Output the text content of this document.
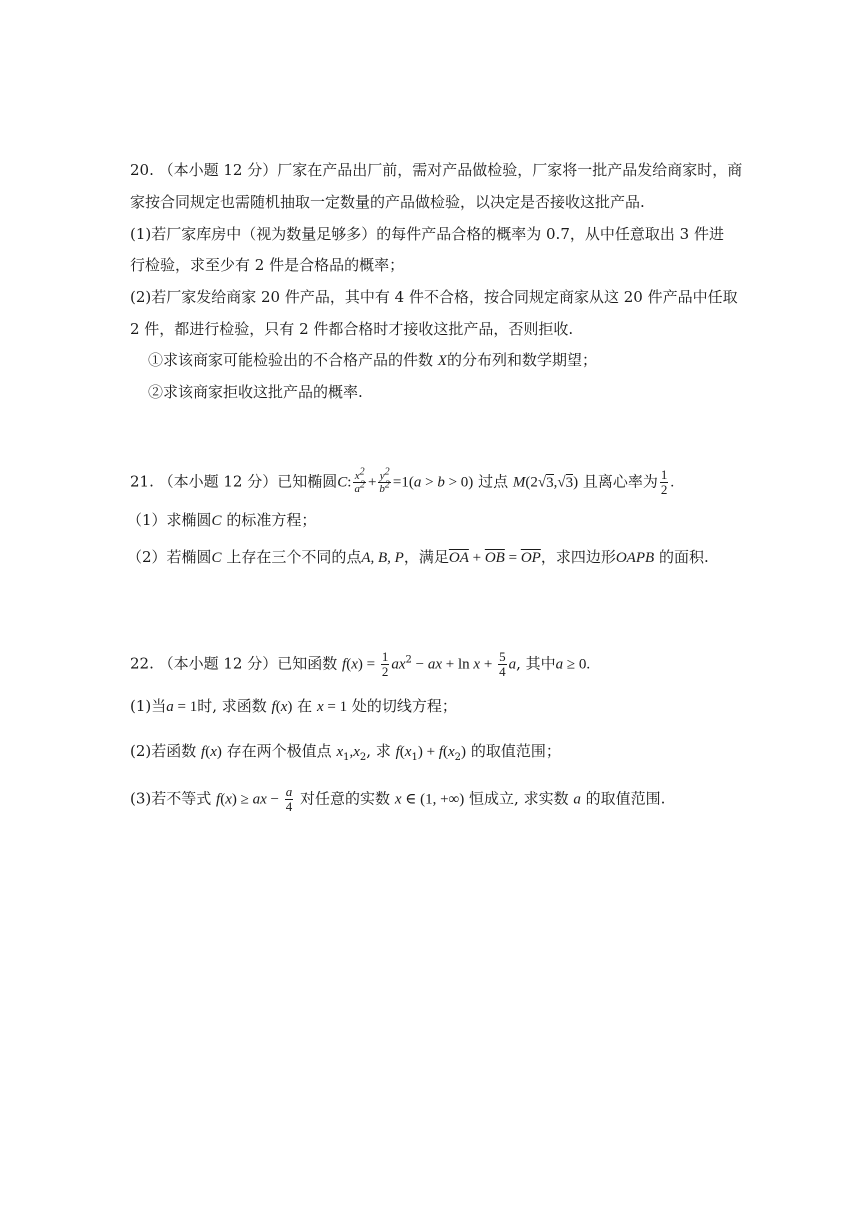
20. （本小题 12 分）厂家在产品出厂前，需对产品做检验，厂家将一批产品发给商家时，商
家按合同规定也需随机抽取一定数量的产品做检验，以决定是否接收这批产品.
(1)若厂家库房中（视为数量足够多）的每件产品合格的概率为 0.7，从中任意取出 3 件进
行检验，求至少有 2 件是合格品的概率；
(2)若厂家发给商家 20 件产品，其中有 4 件不合格，按合同规定商家从这 20 件产品中任取
2 件，都进行检验，只有 2 件都合格时才接收这批产品，否则拒收.
①求该商家可能检验出的不合格产品的件数 X的分布列和数学期望；
②求该商家拒收这批产品的概率.
21. （本小题 12 分）已知椭圆C: $\frac{x^2}{a^2} + \frac{y^2}{b^2} =1(a > b > 0)$ 过点 M(2√3,√3) 且离心率为 $\frac{1}{2}$ .
（1）求椭圆C 的标准方程；
（2）若椭圆C 上存在三个不同的点A, B, P，满足$\overline{OA} + \overline{OB} = \overline{OP}$，求四边形OAPB 的面积.
22. （本小题 12 分）已知函数 $f(x) = \frac{1}{2} ax^2$ − ax + $\ln x + \frac{5}{4} a$, 其中a ≥ 0.
(1)当a = 1时, 求函数 f(x) 在 x = 1 处的切线方程；
(2)若函数 f(x) 存在两个极值点 $x_1,x_2$, 求 $f(x_1) + f(x_2)$ 的取值范围；
(3)若不等式 f(x) ≥ ax − $\frac{a}{4}$ 对任意的实数 x ∈ (1, +∞) 恒成立, 求实数 a 的取值范围.
